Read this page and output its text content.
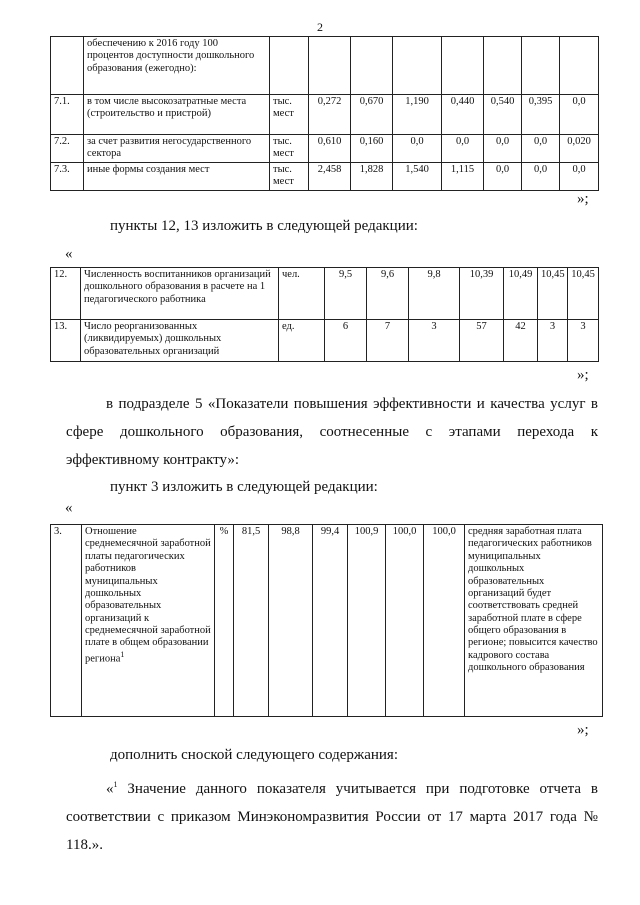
2
	обеспечению к 2016 году 100 процентов доступности дошкольного образования (ежегодно):								
7.1.	в том числе высокозатратные места (строительство и пристрой)	тыс. мест	0,272	0,670	1,190	0,440	0,540	0,395	0,0
7.2.	за счет развития негосударственного сектора	тыс. мест	0,610	0,160	0,0	0,0	0,0	0,0	0,020
7.3.	иные формы создания мест	тыс. мест	2,458	1,828	1,540	1,115	0,0	0,0	0,0
»;

пункты 12, 13 изложить в следующей редакции:

«
12.	Численность воспитанников организаций дошкольного образования в расчете на 1 педагогического работника	чел.	9,5	9,6	9,8	10,39	10,49	10,45	10,45
13.	Число реорганизованных (ликвидируемых) дошкольных образовательных организаций	ед.	6	7	3	57	42	3	3
»;

в подразделе 5 «Показатели повышения эффективности и качества услуг в сфере дошкольного образования, соотнесенные с этапами перехода к эффективному контракту»:

пункт 3 изложить в следующей редакции:

«
3.	Отношение среднемесячной заработной платы педагогических работников муниципальных дошкольных образовательных организаций к среднемесячной заработной плате в общем образовании региона$^1$	%	81,5	98,8	99,4	100,9	100,0	100,0	средняя заработная плата педагогических работников муниципальных дошкольных образовательных организаций будет соответствовать средней заработной плате в сфере общего образования в регионе; повысится качество кадрового состава дошкольного образования
»;

дополнить сноской следующего содержания:

«$^1$ Значение данного показателя учитывается при подготовке отчета в соответствии с приказом Минэкономразвития России от 17 марта 2017 года № 118.».
